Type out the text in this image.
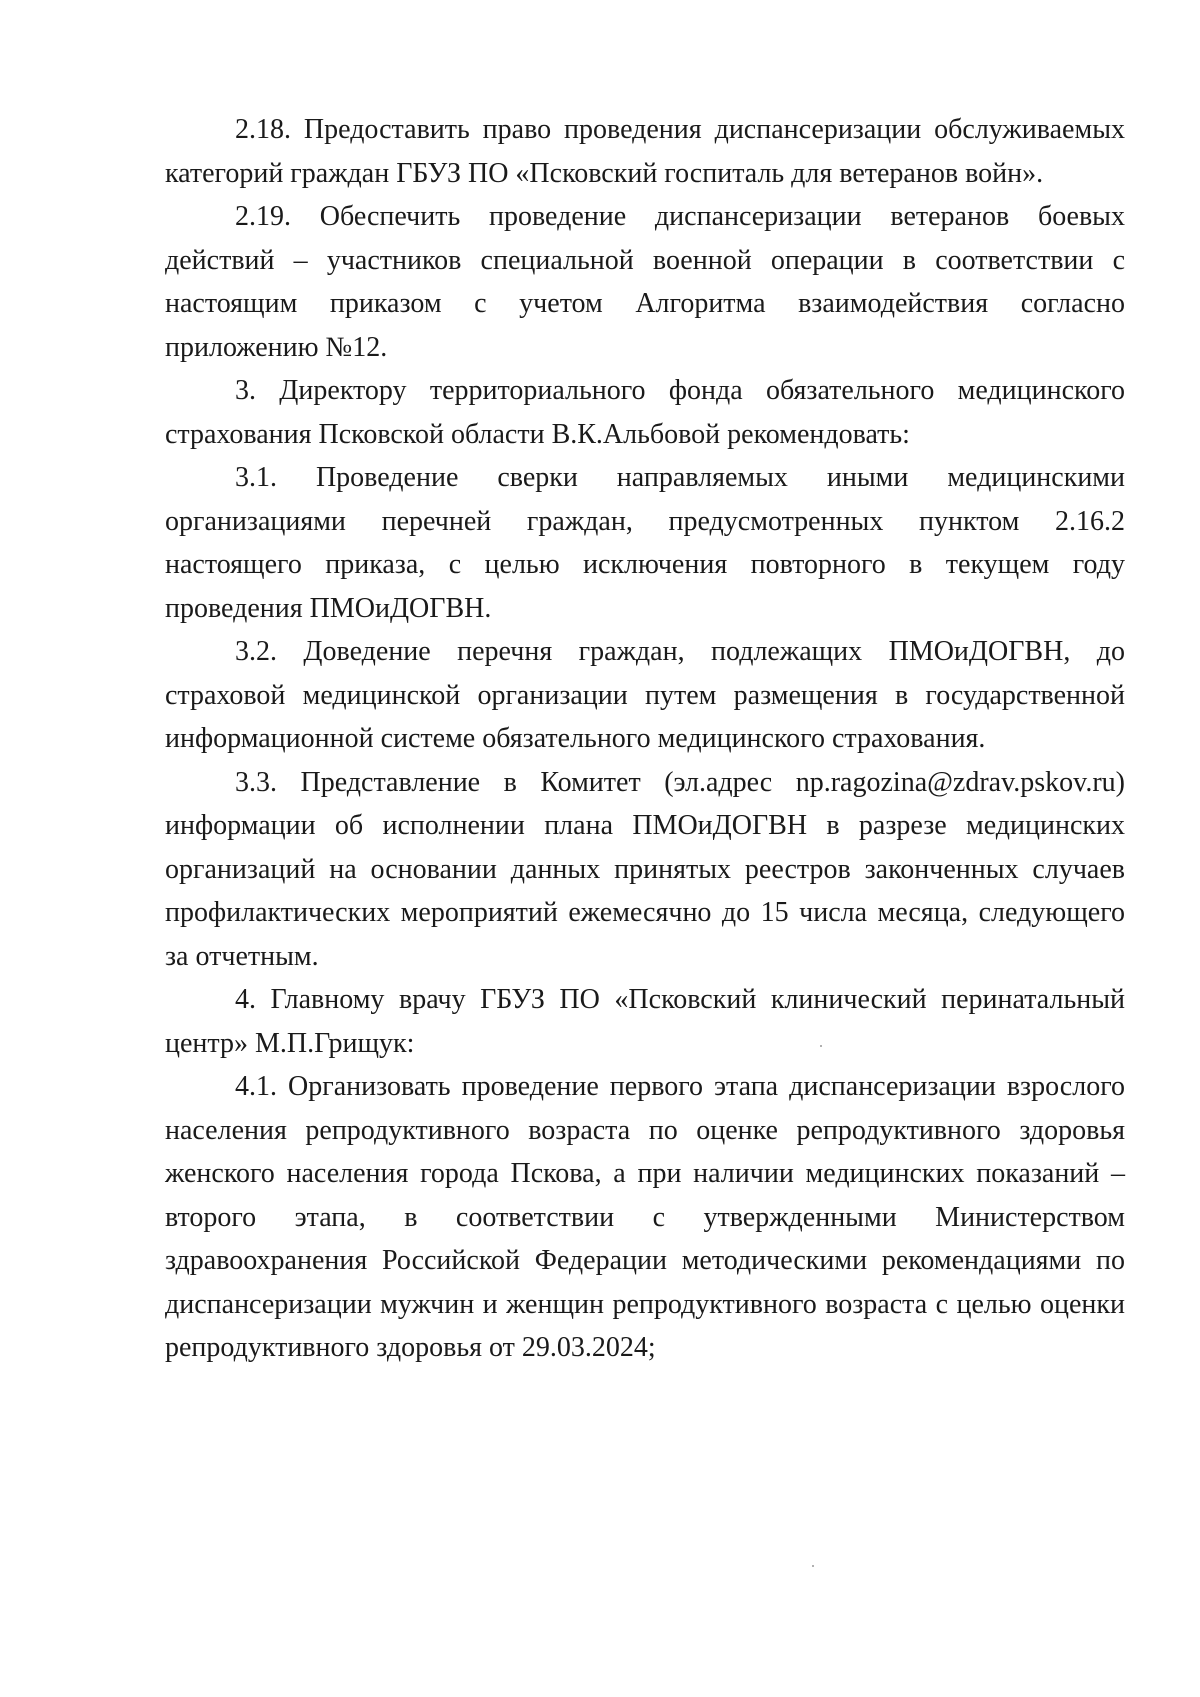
2.18. Предоставить право проведения диспансеризации обслуживаемых категорий граждан ГБУЗ ПО «Псковский госпиталь для ветеранов войн».

2.19. Обеспечить проведение диспансеризации ветеранов боевых действий – участников специальной военной операции в соответствии с настоящим приказом с учетом Алгоритма взаимодействия согласно приложению №12.

3. Директору территориального фонда обязательного медицинского страхования Псковской области В.К.Альбовой рекомендовать:

3.1. Проведение сверки направляемых иными медицинскими организациями перечней граждан, предусмотренных пунктом 2.16.2 настоящего приказа, с целью исключения повторного в текущем году проведения ПМОиДОГВН.

3.2. Доведение перечня граждан, подлежащих ПМОиДОГВН, до страховой медицинской организации путем размещения в государственной информационной системе обязательного медицинского страхования.

3.3. Представление в Комитет (эл.адрес np.ragozina@zdrav.pskov.ru) информации об исполнении плана ПМОиДОГВН в разрезе медицинских организаций на основании данных принятых реестров законченных случаев профилактических мероприятий ежемесячно до 15 числа месяца, следующего за отчетным.

4. Главному врачу ГБУЗ ПО «Псковский клинический перинатальный центр» М.П.Грищук:

4.1. Организовать проведение первого этапа диспансеризации взрослого населения репродуктивного возраста по оценке репродуктивного здоровья женского населения города Пскова, а при наличии медицинских показаний – второго этапа, в соответствии с утвержденными Министерством здравоохранения Российской Федерации методическими рекомендациями по диспансеризации мужчин и женщин репродуктивного возраста с целью оценки репродуктивного здоровья от 29.03.2024;
